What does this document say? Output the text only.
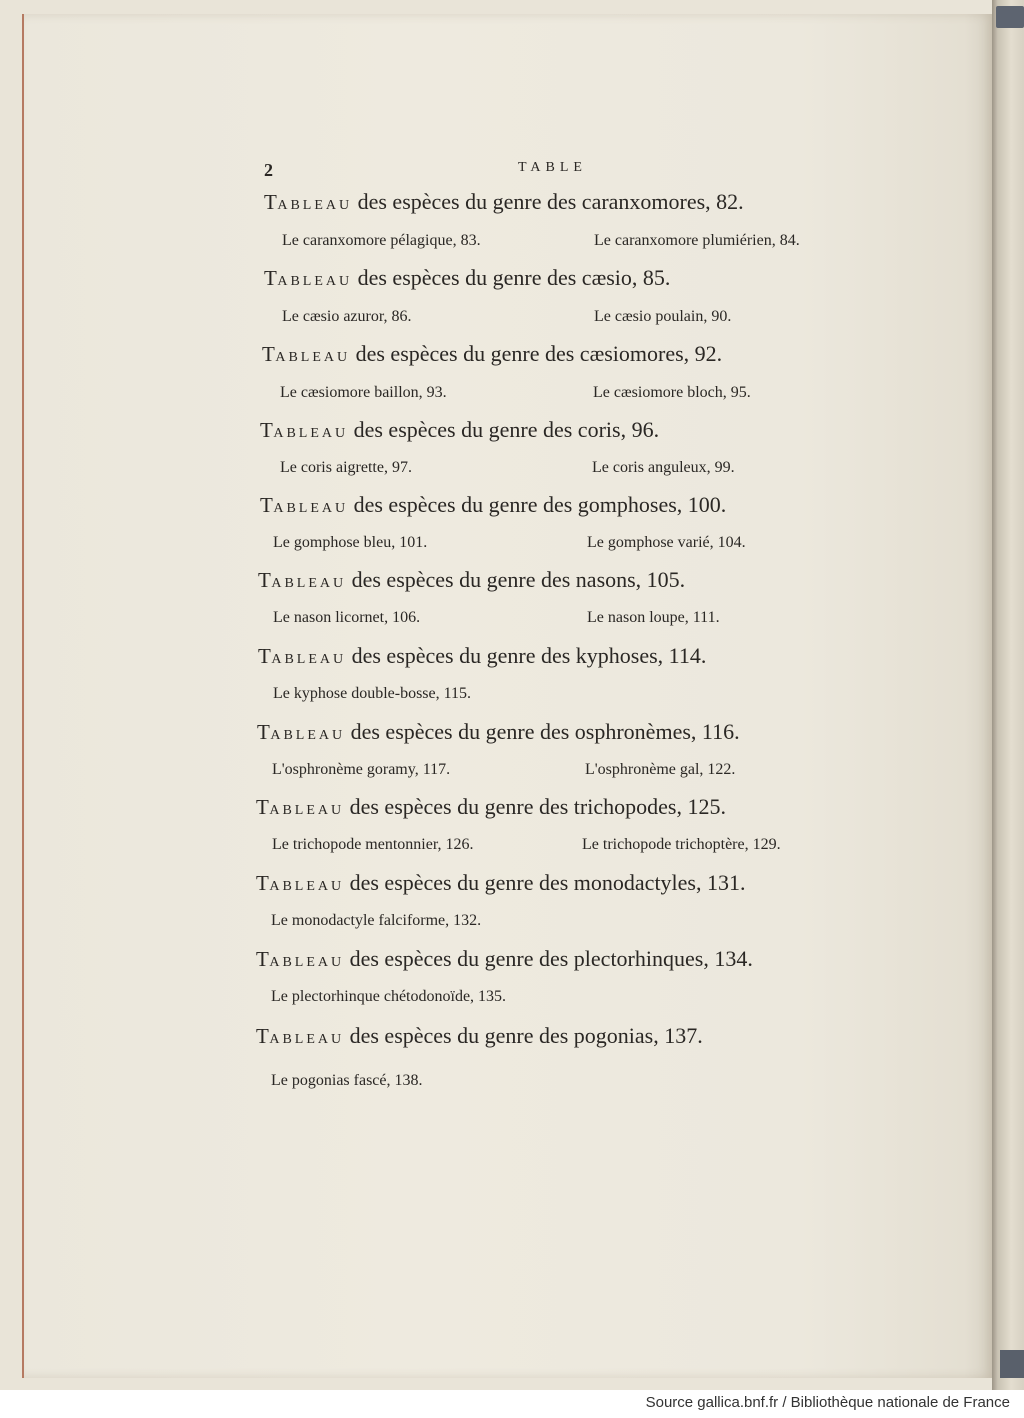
2	TABLE
TABLEAU des espèces du genre des caranxomores, 82.
Le caranxomore pélagique, 83.	Le caranxomore plumiérien, 84.
TABLEAU des espèces du genre des cæsio, 85.
Le cæsio azuror, 86.	Le cæsio poulain, 90.
TABLEAU des espèces du genre des cæsiomores, 92.
Le cæsiomore baillon, 93.	Le cæsiomore bloch, 95.
TABLEAU des espèces du genre des coris, 96.
Le coris aigrette, 97.	Le coris anguleux, 99.
TABLEAU des espèces du genre des gomphoses, 100.
Le gomphose bleu, 101.	Le gomphose varié, 104.
TABLEAU des espèces du genre des nasons, 105.
Le nason licornet, 106.	Le nason loupe, 111.
TABLEAU des espèces du genre des kyphoses, 114.
Le kyphose double-bosse, 115.
TABLEAU des espèces du genre des osphronèmes, 116.
L'osphronème goramy, 117.	L'osphronème gal, 122.
TABLEAU des espèces du genre des trichopodes, 125.
Le trichopode mentonnier, 126.	Le trichopode trichoptère, 129.
TABLEAU des espèces du genre des monodactyles, 131.
Le monodactyle falciforme, 132.
TABLEAU des espèces du genre des plectorhinques, 134.
Le plectorhinque chétodonoïde, 135.
TABLEAU des espèces du genre des pogonias, 137.
Le pogonias fascé, 138.
Source gallica.bnf.fr / Bibliothèque nationale de France
